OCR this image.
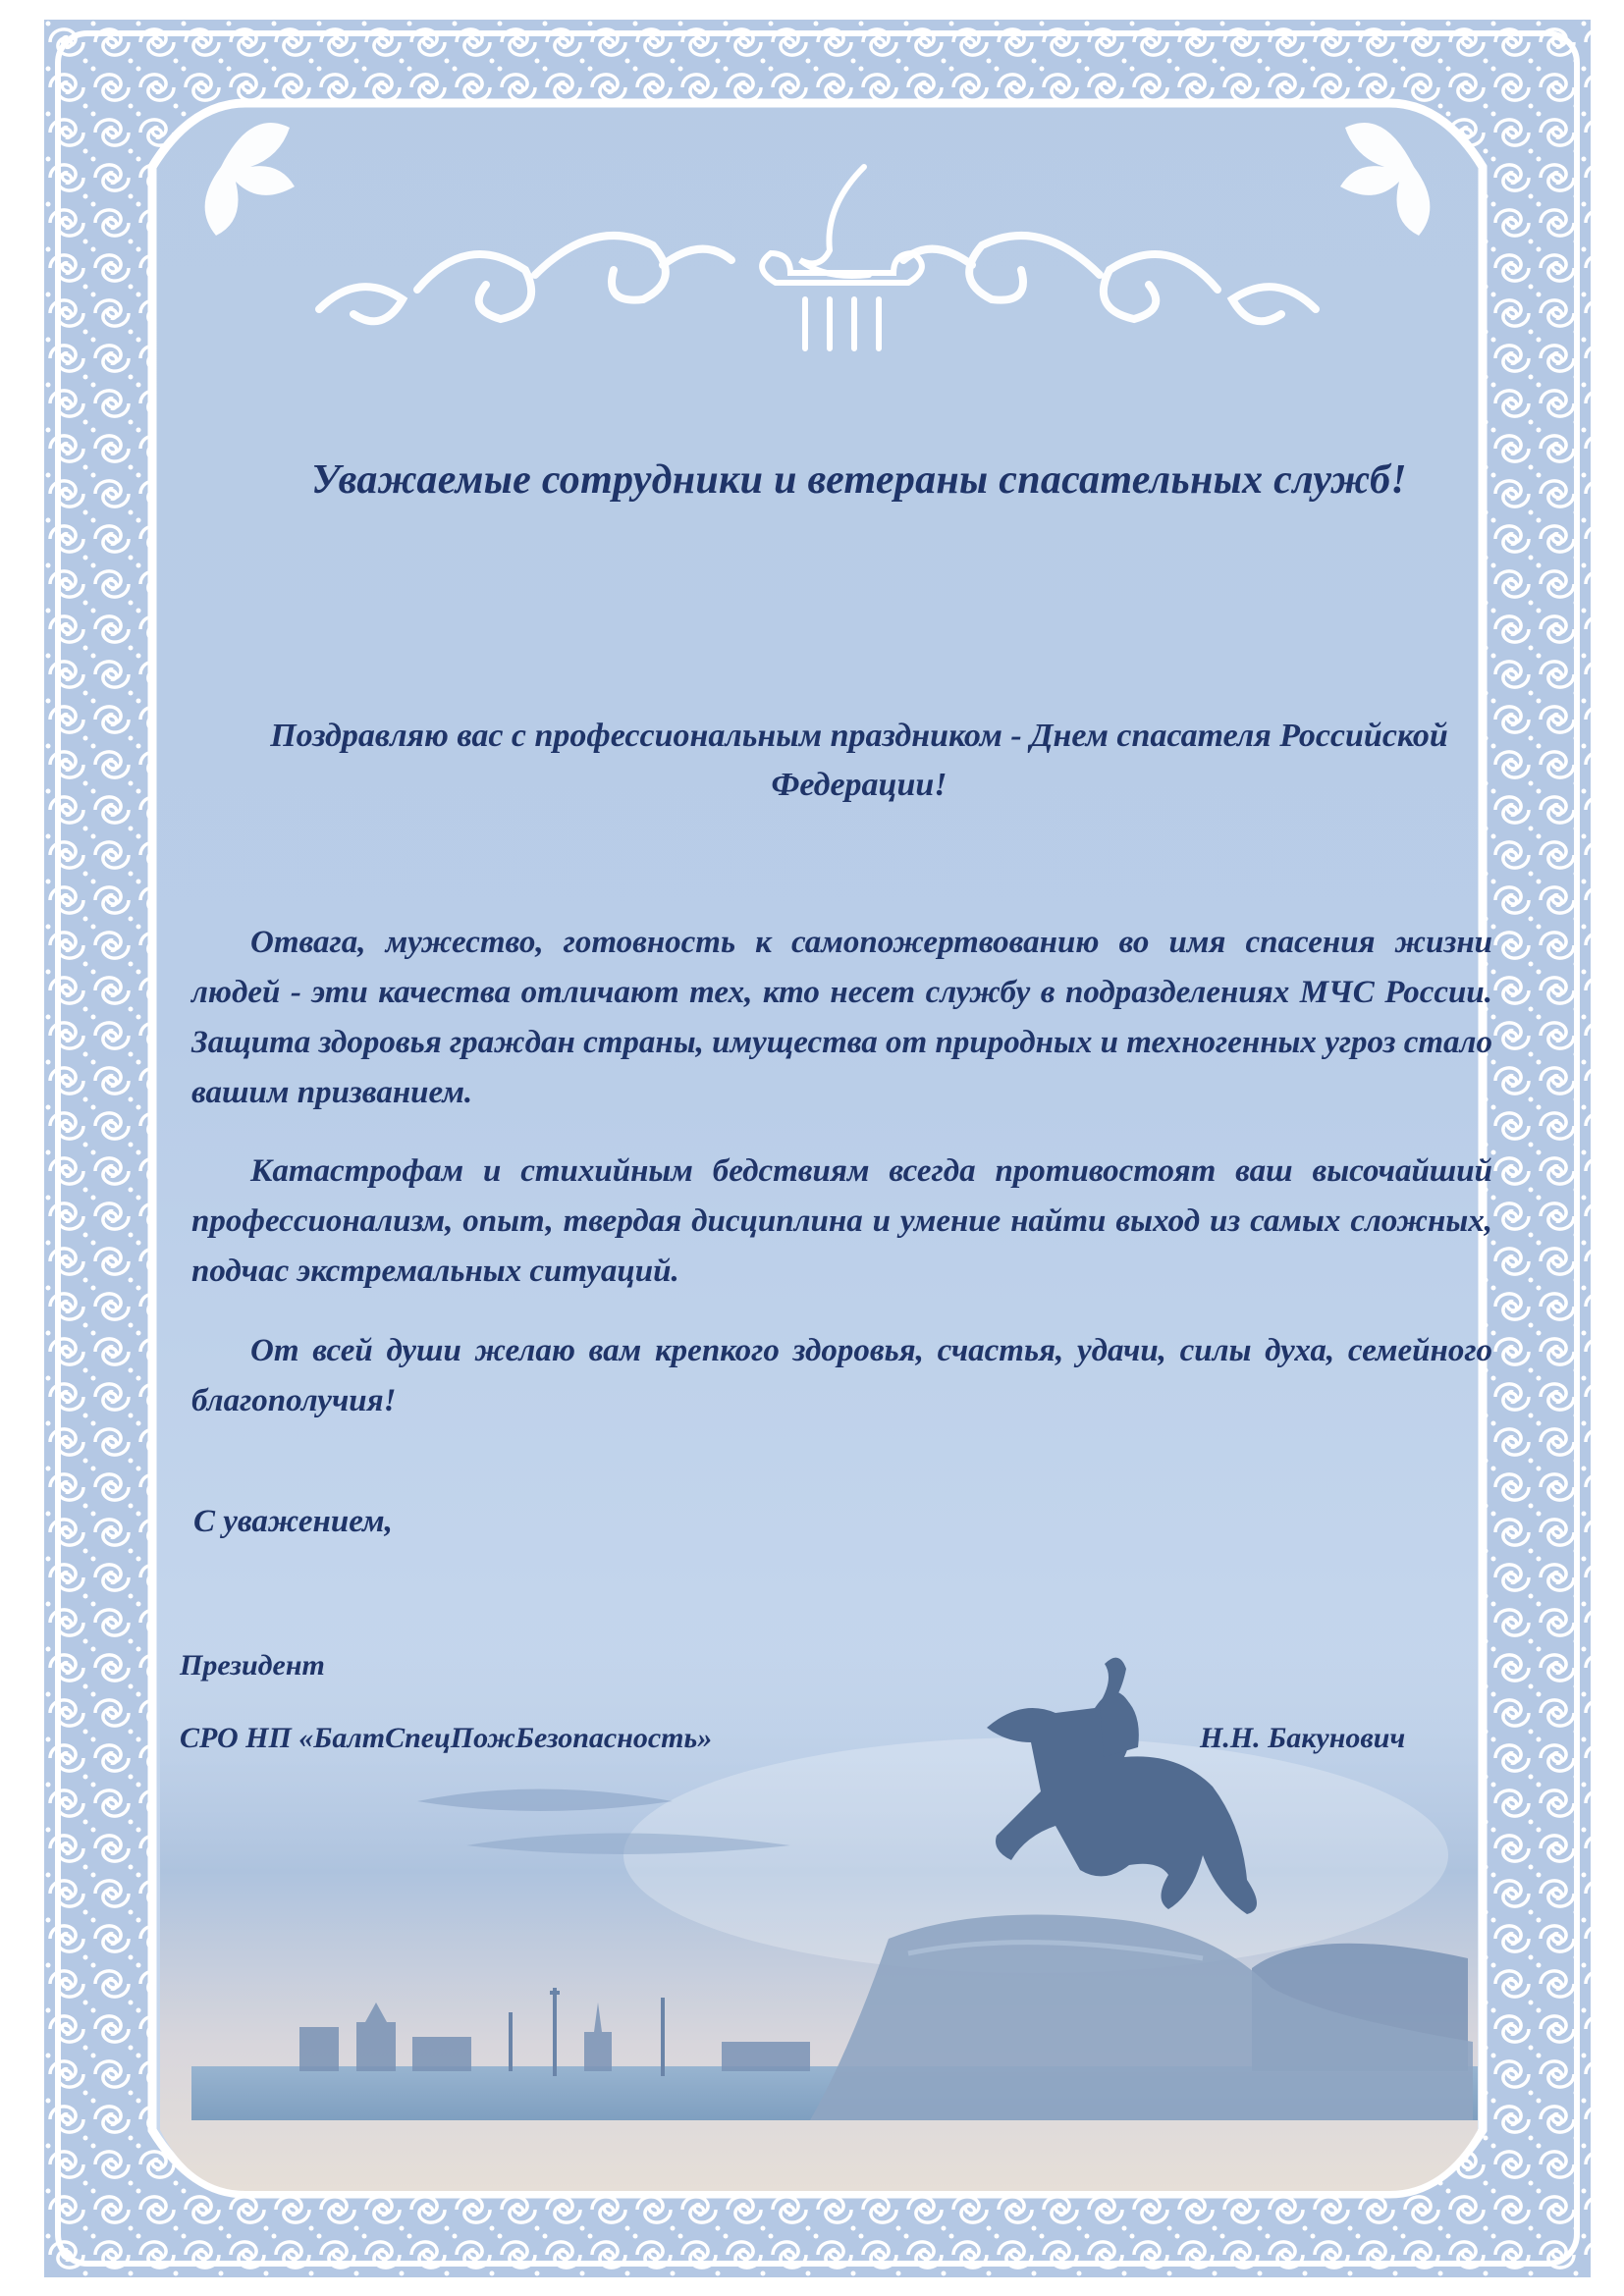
Уважаемые сотрудники и ветераны спасательных служб!
Поздравляю вас с профессиональным праздником - Днем спасателя Российской Федерации!
Отвага, мужество, готовность к самопожертвованию во имя спасения жизни людей - эти качества отличают тех, кто несет службу в подразделениях МЧС России. Защита здоровья граждан страны, имущества от природных и техногенных угроз стало вашим призванием.
Катастрофам и стихийным бедствиям всегда противостоят ваш высочайший профессионализм, опыт, твердая дисциплина и умение найти выход из самых сложных, подчас экстремальных ситуаций.
От всей души желаю вам крепкого здоровья, счастья, удачи, силы духа, семейного благополучия!
С уважением,
Президент
СРО НП «БалтСпецПожБезопасность»	Н.Н. Бакунович
